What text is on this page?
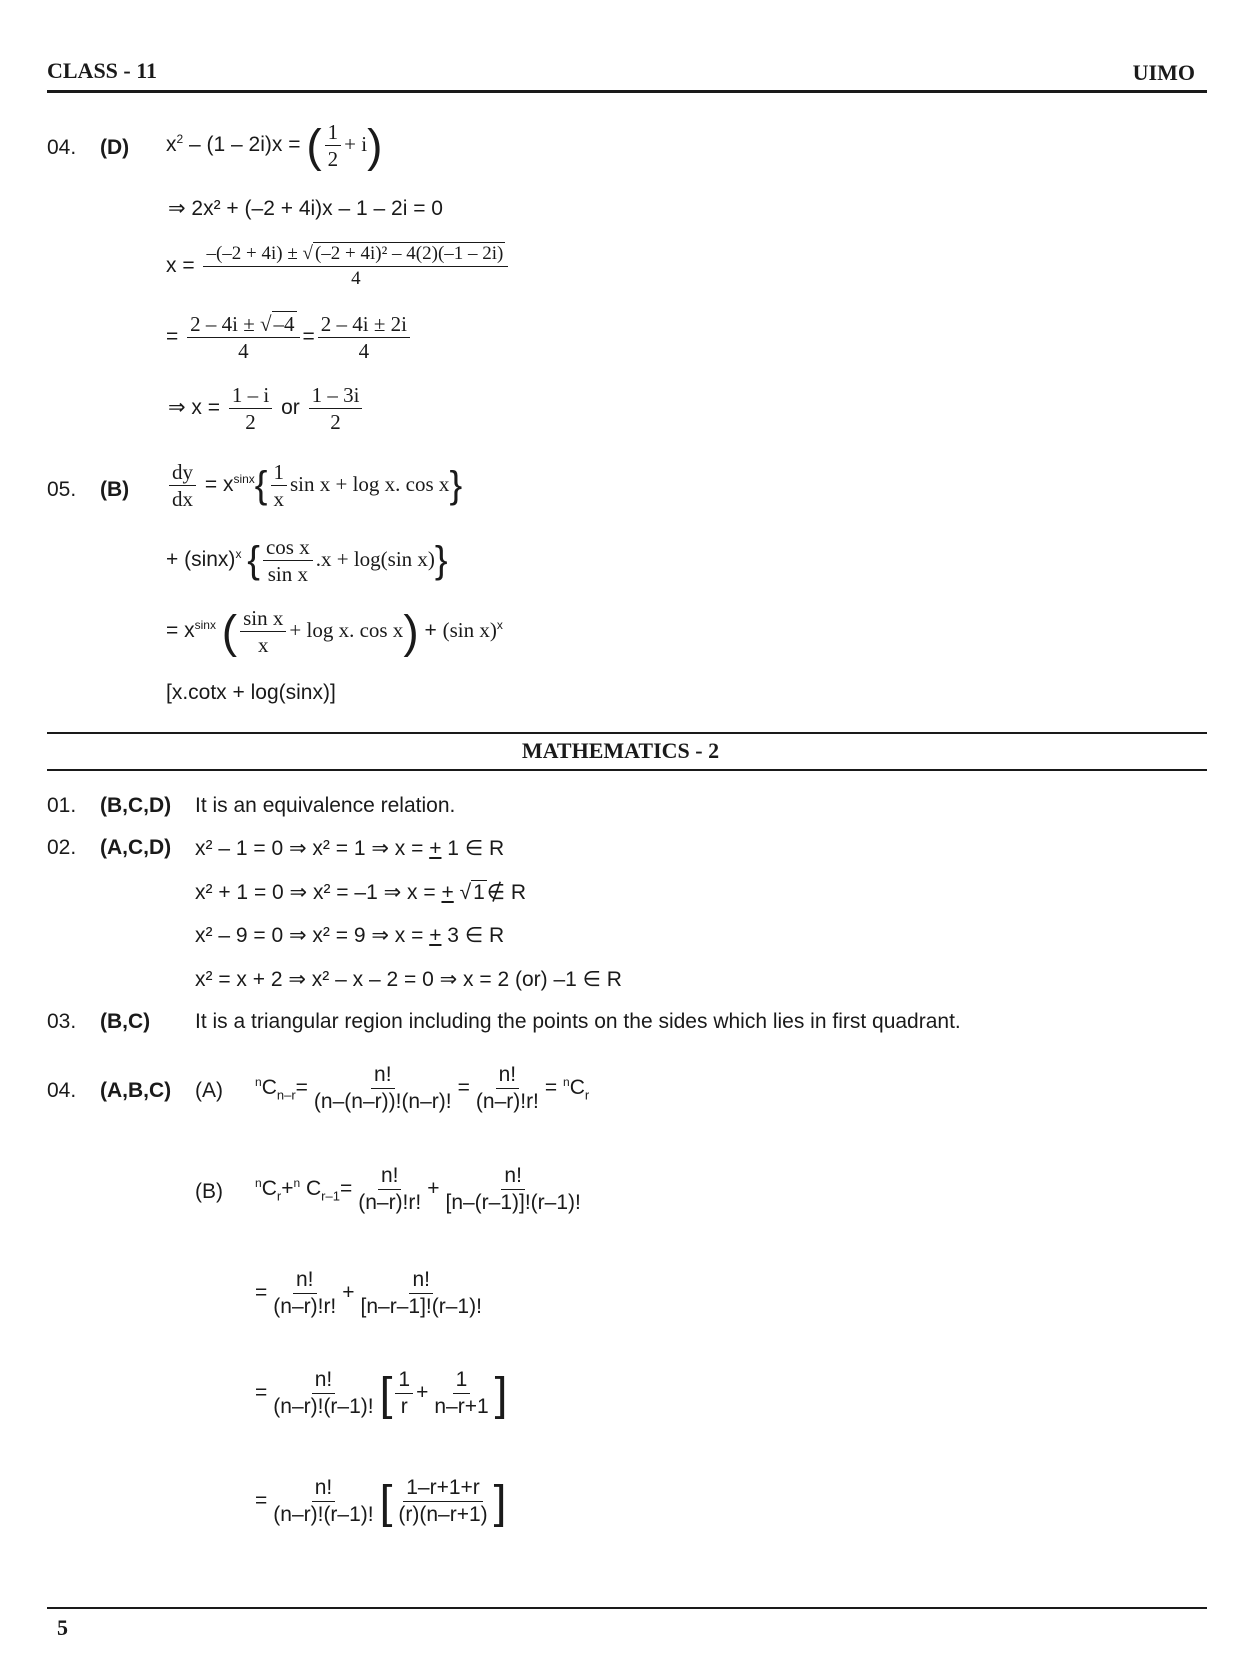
CLASS - 11	UIMO
04. (D) $x^2 - (1 - 2i)x$ = ( $\frac{1}{2} + i$)
⇒ 2x² + (–2 + 4i)x – 1 – 2i = 0
$x = \frac{\text{–(–2 + 4i) ± √ (–2 + 4i)² – 4(2)(–1 – 2i)}}{4}$
= $\frac{2 - 4i \pm √-4}{4} = \frac{2 - 4i \pm 2i}{4}$
⇒ $x = \frac{1 - i}{2}$ or $\frac{1 - 3i}{2}$
05. $(B) \frac{dy}{dx} = x^{sinx}\{ \frac{1}{x}$ sin x + log x. cos x}
+ $(\sin x)^x$ { $\frac{\text{cos x}}{\text{sin x}} .x + \log(\sin$ x)}
= $x^{sinx}$ ( $\frac{\text{sin x}}{x} + \log x$. cos x) + (sin x)$^x$
[x.cotx + log(sinx)]
MATHEMATICS - 2
01. (B,C,D) It is an equivalence relation.
02. (A,C,D) x² – 1 = 0 ⇒ x² = 1 ⇒ x = + 1 ∈ R
x² + 1 = 0 ⇒ x² = –1 ⇒ x = + √1∉ R
x² – 9 = 0 ⇒ x² = 9 ⇒ x = + 3 ∈ R
x² = x + 2 ⇒ x² – x – 2 = 0 ⇒ x = 2 (or) –1 ∈ R
03. (B,C) It is a triangular region including the points on the sides which lies in first quadrant.
04. (A,B,C) (A)	$^nC_{n-r}= \frac{n!}{(n-(n-r))!(n-r)!} = \frac{n!}{(n-r)!r!} = ^nC_r$
(B)	$^nC_r+^n$ $C_{r-1}= \frac{n!}{(n-r)!r!} + \frac{n!}{[n-(r-1)]!(r-1)!}$
= $\frac{n!}{(n-r)!r!} + \frac{n!}{[n-r-1]!(r-1)!}$
= $\frac{n!}{(n-r)!(r-1)!}$ [ $\frac{1}{r} + \frac{1}{n-r+1}$ ]
= $\frac{n!}{(n-r)!(r-1)!}$ [ $\frac{1-r+1+r}{(r)(n-r+1)}$ ]
5
